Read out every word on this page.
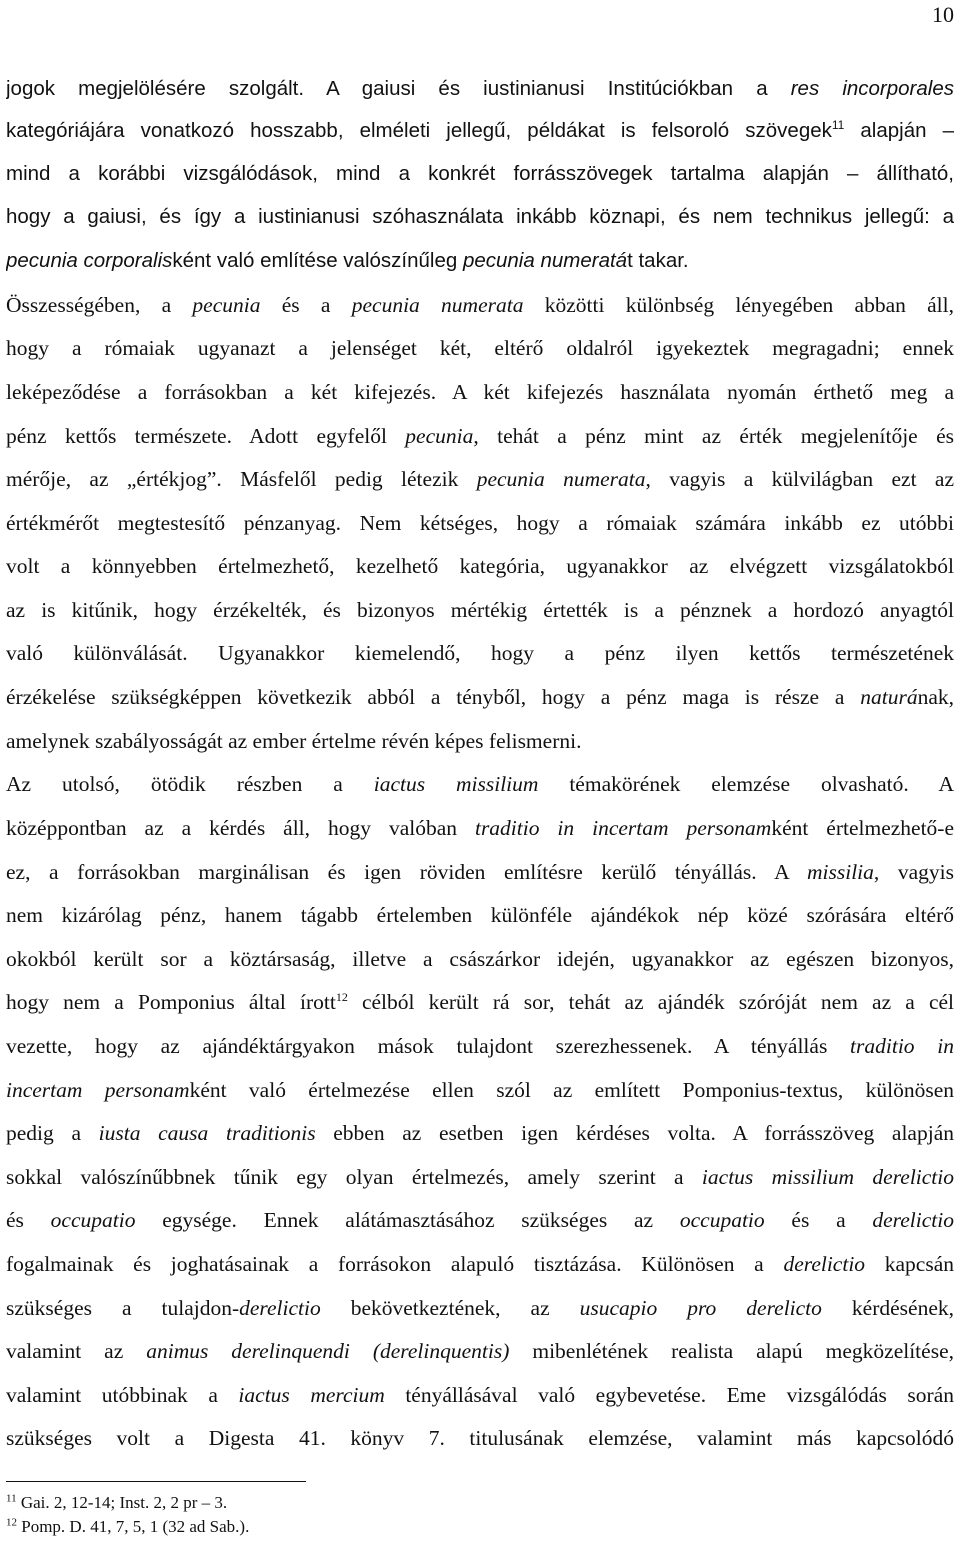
10
jogok megjelölésére szolgált. A gaiusi és iustinianusi Institúciókban a res incorporales
kategóriájára vonatkozó hosszabb, elméleti jellegű, példákat is felsoroló szövegek$^{11}$ alapján –
mind a korábbi vizsgálódások, mind a konkrét forrásszövegek tartalma alapján – állítható,
hogy a gaiusi, és így a iustinianusi szóhasználata inkább köznapi, és nem technikus jellegű: a
pecunia corporalisként való említése valószínűleg pecunia numeratát takar.
Összességében, a pecunia és a pecunia numerata közötti különbség lényegében abban áll,
hogy a rómaiak ugyanazt a jelenséget két, eltérő oldalról igyekeztek megragadni; ennek
leképeződése a forrásokban a két kifejezés. A két kifejezés használata nyomán érthető meg a
pénz kettős természete. Adott egyfelől pecunia, tehát a pénz mint az érték megjelenítője és
mérője, az „értékjog”. Másfelől pedig létezik pecunia numerata, vagyis a külvilágban ezt az
értékmérőt megtestesítő pénzanyag. Nem kétséges, hogy a rómaiak számára inkább ez utóbbi
volt a könnyebben értelmezhető, kezelhető kategória, ugyanakkor az elvégzett vizsgálatokból
az is kitűnik, hogy érzékelték, és bizonyos mértékig értették is a pénznek a hordozó anyagtól
való különválását. Ugyanakkor kiemelendő, hogy a pénz ilyen kettős természetének
érzékelése szükségképpen következik abból a tényből, hogy a pénz maga is része a naturának,
amelynek szabályosságát az ember értelme révén képes felismerni.
Az utolsó, ötödik részben a iactus missilium témakörének elemzése olvasható. A
középpontban az a kérdés áll, hogy valóban traditio in incertam personamként értelmezhető-e
ez, a forrásokban marginálisan és igen röviden említésre kerülő tényállás. A missilia, vagyis
nem kizárólag pénz, hanem tágabb értelemben különféle ajándékok nép közé szórására eltérő
okokból került sor a köztársaság, illetve a császárkor idején, ugyanakkor az egészen bizonyos,
hogy nem a Pomponius által írott$^{12}$ célból került rá sor, tehát az ajándék szóróját nem az a cél
vezette, hogy az ajándéktárgyakon mások tulajdont szerezhessenek. A tényállás traditio in
incertam personamként való értelmezése ellen szól az említett Pomponius-textus, különösen
pedig a iusta causa traditionis ebben az esetben igen kérdéses volta. A forrásszöveg alapján
sokkal valószínűbbnek tűnik egy olyan értelmezés, amely szerint a iactus missilium derelictio
és occupatio egysége. Ennek alátámasztásához szükséges az occupatio és a derelictio
fogalmainak és joghatásainak a forrásokon alapuló tisztázása. Különösen a derelictio kapcsán
szükséges a tulajdon-derelictio bekövetkeztének, az usucapio pro derelicto kérdésének,
valamint az animus derelinquendi (derelinquentis) mibenlétének realista alapú megközelítése,
valamint utóbbinak a iactus mercium tényállásával való egybevetése. Eme vizsgálódás során
szükséges volt a Digesta 41. könyv 7. titulusának elemzése, valamint más kapcsolódó
$^{11}$ Gai. 2, 12-14; Inst. 2, 2 pr – 3.
$^{12}$ Pomp. D. 41, 7, 5, 1 (32 ad Sab.).
